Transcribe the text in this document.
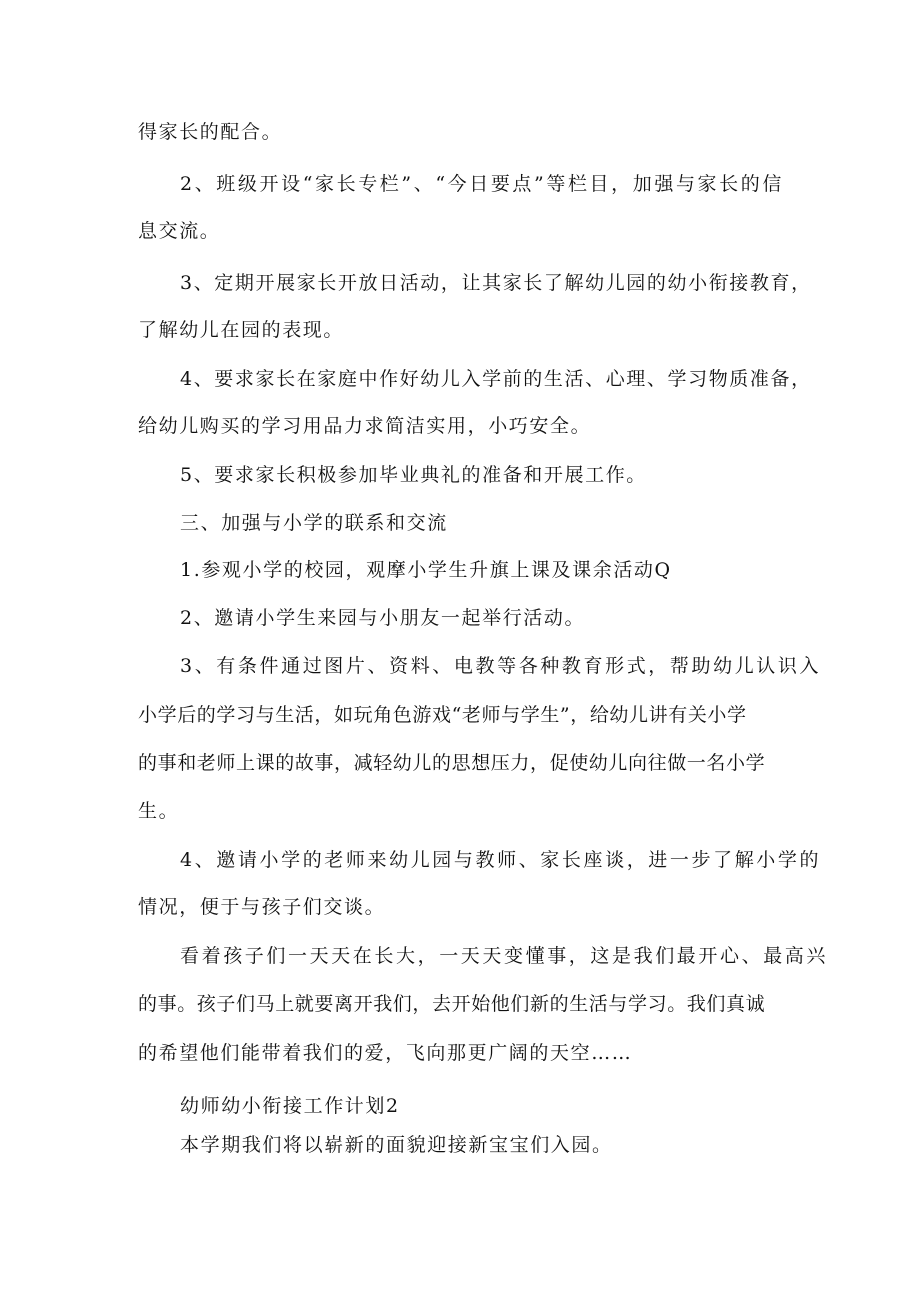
得家长的配合。
2、班级开设“家长专栏”、“今日要点”等栏目，加强与家长的信
息交流。
3、定期开展家长开放日活动，让其家长了解幼儿园的幼小衔接教育，
了解幼儿在园的表现。
4、要求家长在家庭中作好幼儿入学前的生活、心理、学习物质准备，
给幼儿购买的学习用品力求简洁实用，小巧安全。
5、要求家长积极参加毕业典礼的准备和开展工作。
三、加强与小学的联系和交流
1.参观小学的校园，观摩小学生升旗上课及课余活动Q
2、邀请小学生来园与小朋友一起举行活动。
3、有条件通过图片、资料、电教等各种教育形式，帮助幼儿认识入
小学后的学习与生活，如玩角色游戏“老师与学生”，给幼儿讲有关小学
的事和老师上课的故事，减轻幼儿的思想压力，促使幼儿向往做一名小学
生。
4、邀请小学的老师来幼儿园与教师、家长座谈，进一步了解小学的
情况，便于与孩子们交谈。
看着孩子们一天天在长大，一天天变懂事，这是我们最开心、最高兴
的事。孩子们马上就要离开我们，去开始他们新的生活与学习。我们真诚
的希望他们能带着我们的爱，飞向那更广阔的天空……
幼师幼小衔接工作计划2
本学期我们将以崭新的面貌迎接新宝宝们入园。
